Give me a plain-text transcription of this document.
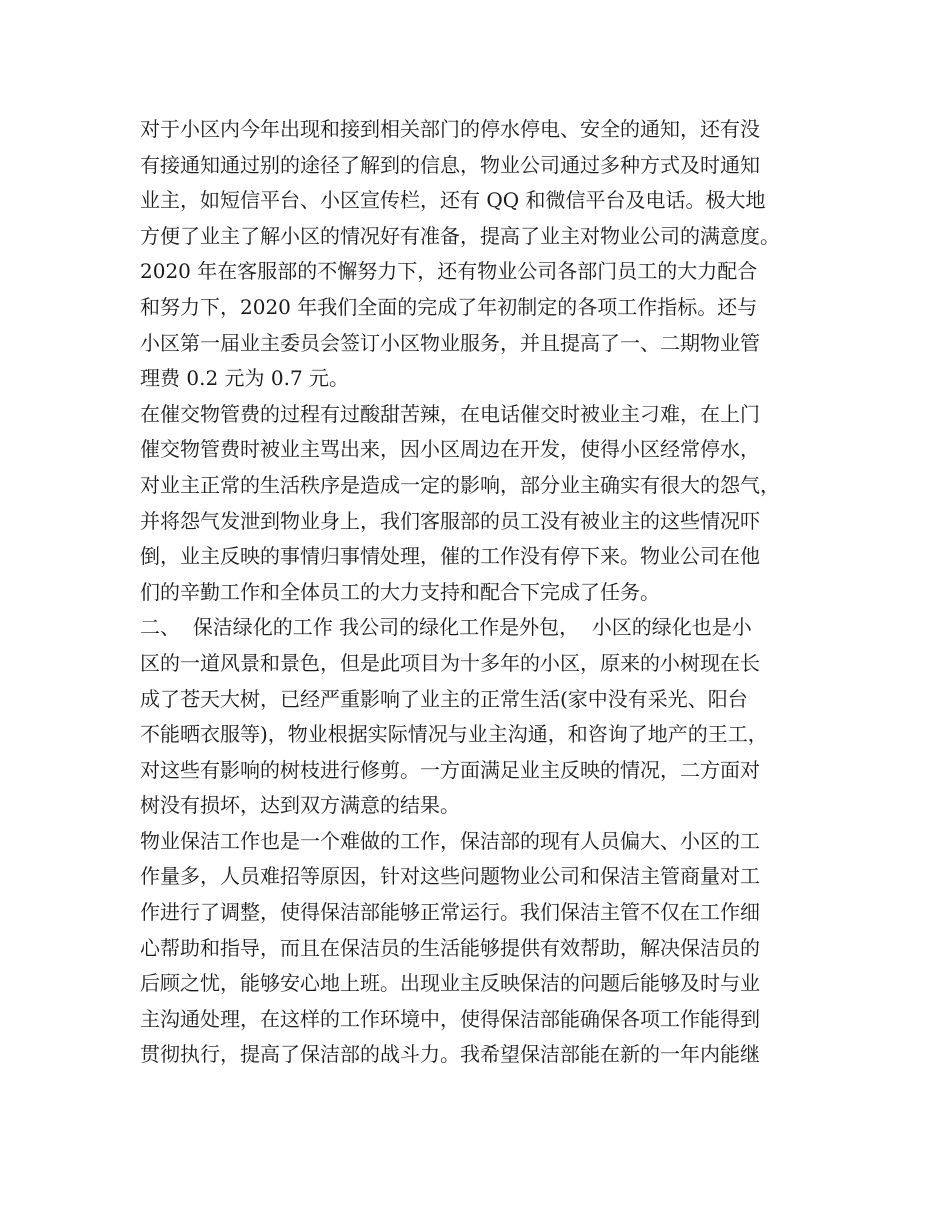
对于小区内今年出现和接到相关部门的停水停电、安全的通知，还有没
有接通知通过别的途径了解到的信息，物业公司通过多种方式及时通知
业主，如短信平台、小区宣传栏，还有 QQ 和微信平台及电话。极大地
方便了业主了解小区的情况好有准备，提高了业主对物业公司的满意度。
2020 年在客服部的不懈努力下，还有物业公司各部门员工的大力配合
和努力下，2020 年我们全面的完成了年初制定的各项工作指标。还与
小区第一届业主委员会签订小区物业服务，并且提高了一、二期物业管
理费 0.2 元为 0.7 元。
在催交物管费的过程有过酸甜苦辣，在电话催交时被业主刁难，在上门
催交物管费时被业主骂出来，因小区周边在开发，使得小区经常停水，
对业主正常的生活秩序是造成一定的影响，部分业主确实有很大的怨气，
并将怨气发泄到物业身上，我们客服部的员工没有被业主的这些情况吓
倒，业主反映的事情归事情处理，催的工作没有停下来。物业公司在他
们的辛勤工作和全体员工的大力支持和配合下完成了任务。
二、  保洁绿化的工作 我公司的绿化工作是外包，  小区的绿化也是小
区的一道风景和景色，但是此项目为十多年的小区，原来的小树现在长
成了苍天大树，已经严重影响了业主的正常生活(家中没有采光、阳台
不能晒衣服等)，物业根据实际情况与业主沟通，和咨询了地产的王工，
对这些有影响的树枝进行修剪。一方面满足业主反映的情况，二方面对
树没有损坏，达到双方满意的结果。
物业保洁工作也是一个难做的工作，保洁部的现有人员偏大、小区的工
作量多，人员难招等原因，针对这些问题物业公司和保洁主管商量对工
作进行了调整，使得保洁部能够正常运行。我们保洁主管不仅在工作细
心帮助和指导，而且在保洁员的生活能够提供有效帮助，解决保洁员的
后顾之忧，能够安心地上班。出现业主反映保洁的问题后能够及时与业
主沟通处理，在这样的工作环境中，使得保洁部能确保各项工作能得到
贯彻执行，提高了保洁部的战斗力。我希望保洁部能在新的一年内能继
